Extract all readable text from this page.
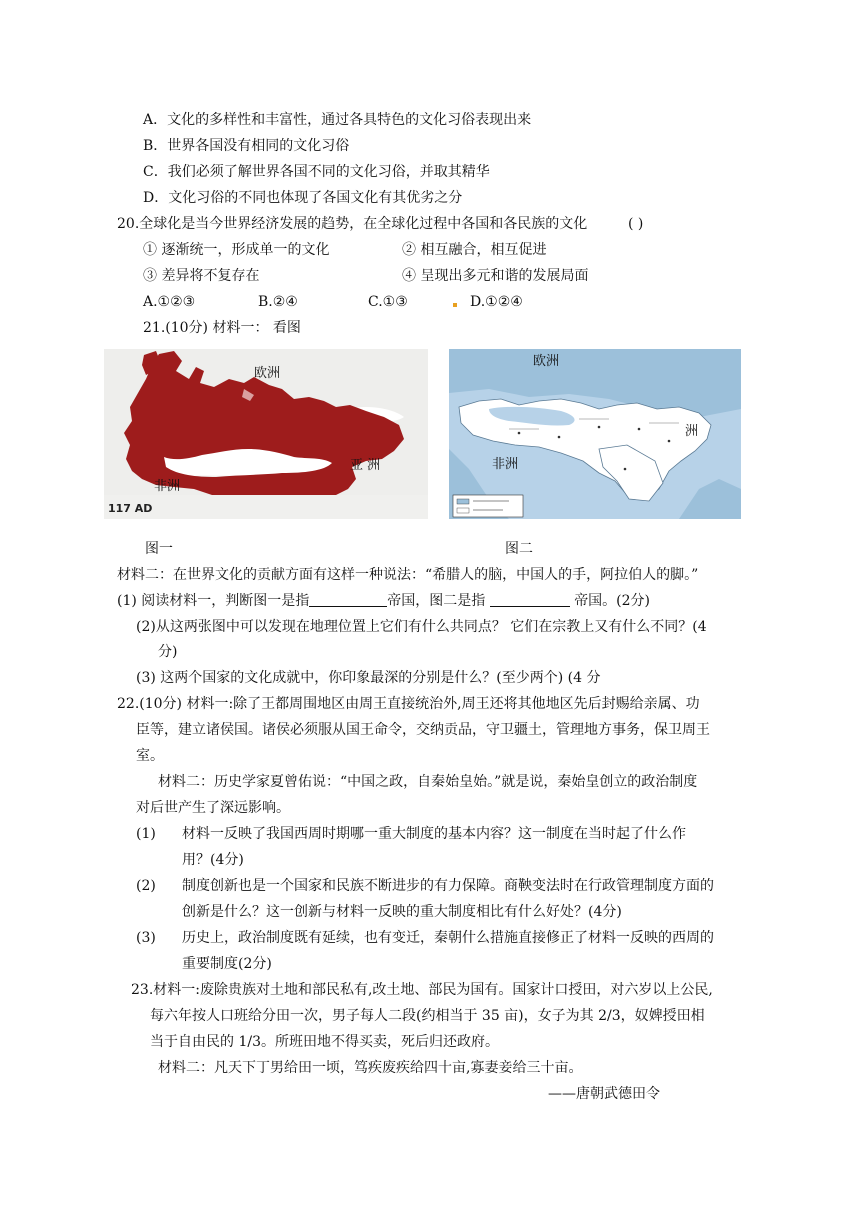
A．文化的多样性和丰富性，通过各具特色的文化习俗表现出来
B．世界各国没有相同的文化习俗
C．我们必须了解世界各国不同的文化习俗，并取其精华
D．文化习俗的不同也体现了各国文化有其优劣之分
20.全球化是当今世界经济发展的趋势，在全球化过程中各国和各民族的文化	( )
① 逐渐统一，形成单一的文化	② 相互融合，相互促进
③ 差异将不复存在	④ 呈现出多元和谐的发展局面
A.①②③	B.②④	C.①③	D.①②④
21.(10分) 材料一： 看图
欧洲
亚 洲
非洲
117 AD
欧洲
洲
非洲
图一	图二
材料二：在世界文化的贡献方面有这样一种说法：“希腊人的脑，中国人的手，阿拉伯人的脚。”
(1) 阅读材料一，判断图一是指	帝国，图二是指	帝国。(2分)
(2)从这两张图中可以发现在地理位置上它们有什么共同点？ 它们在宗教上又有什么不同？(4
分)
(3) 这两个国家的文化成就中，你印象最深的分别是什么？(至少两个) (4 分
22.(10分) 材料一:除了王都周围地区由周王直接统治外,周王还将其他地区先后封赐给亲属、功
臣等，建立诸侯国。诸侯必须服从国王命令，交纳贡品，守卫疆土，管理地方事务，保卫周王
室。
材料二：历史学家夏曾佑说：“中国之政，自秦始皇始。”就是说，秦始皇创立的政治制度
对后世产生了深远影响。
(1) 材料一反映了我国西周时期哪一重大制度的基本内容？这一制度在当时起了什么作
用？(4分)
(2) 制度创新也是一个国家和民族不断进步的有力保障。商鞅变法时在行政管理制度方面的
创新是什么？这一创新与材料一反映的重大制度相比有什么好处？(4分)
(3) 历史上，政治制度既有延续，也有变迁，秦朝什么措施直接修正了材料一反映的西周的
重要制度(2分)
23.材料一:废除贵族对土地和部民私有,改土地、部民为国有。国家计口授田，对六岁以上公民,
每六年按人口班给分田一次，男子每人二段(约相当于 35 亩)，女子为其 2/3，奴婢授田相
当于自由民的 1/3。所班田地不得买卖，死后归还政府。
材料二：凡天下丁男给田一顷，笃疾废疾给四十亩,寡妻妾给三十亩。
——唐朝武德田令
